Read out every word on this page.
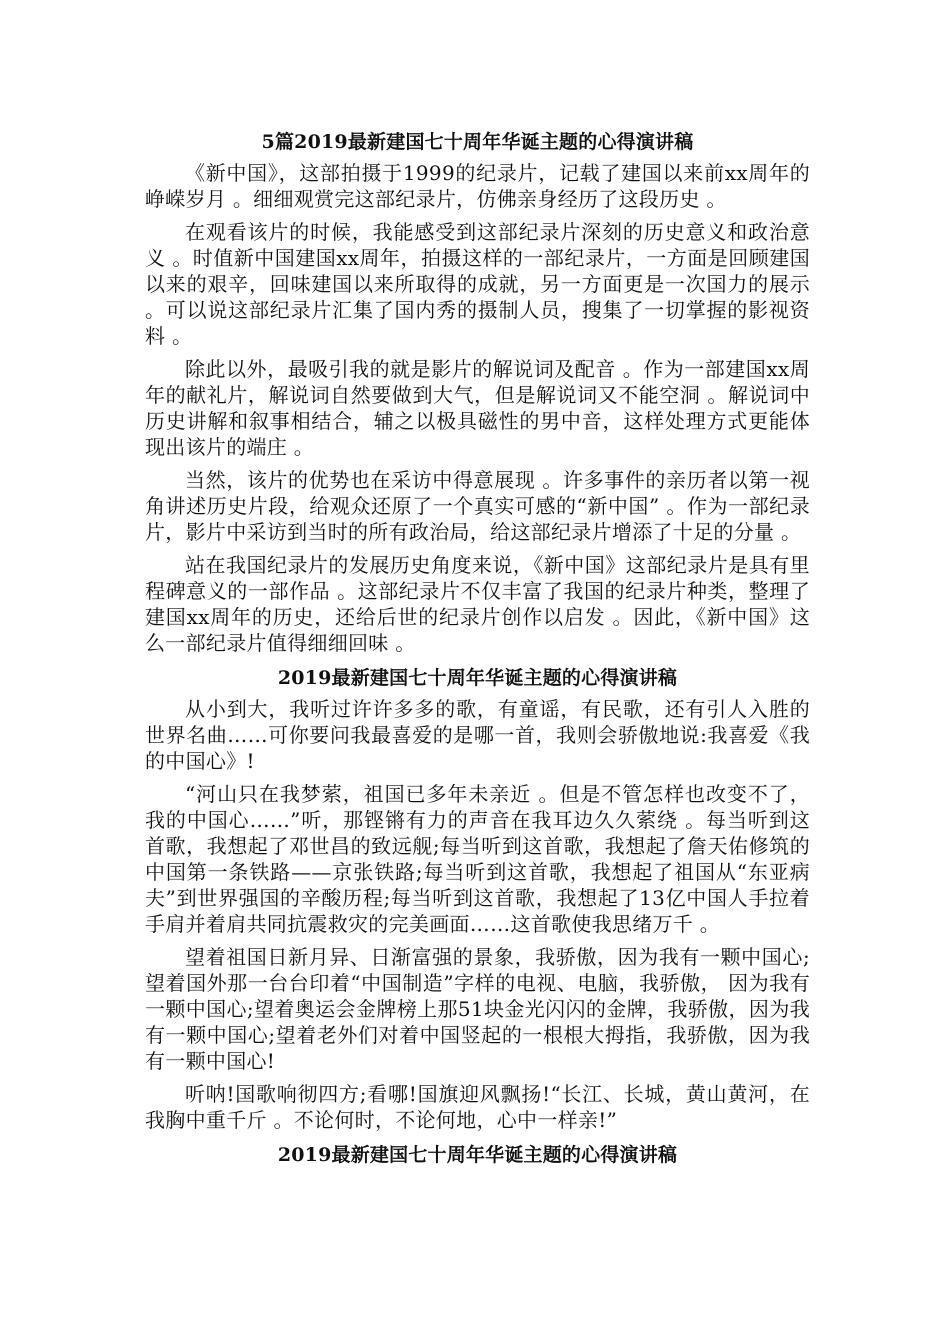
5篇2019最新建国七十周年华诞主题的心得演讲稿

《新中国》，这部拍摄于1999的纪录片，记载了建国以来前xx周年的峥嵘岁月 。细细观赏完这部纪录片，仿佛亲身经历了这段历史 。

在观看该片的时候，我能感受到这部纪录片深刻的历史意义和政治意义 。时值新中国建国xx周年，拍摄这样的一部纪录片，一方面是回顾建国以来的艰辛，回味建国以来所取得的成就，另一方面更是一次国力的展示 。可以说这部纪录片汇集了国内秀的摄制人员，搜集了一切掌握的影视资料 。

除此以外，最吸引我的就是影片的解说词及配音 。作为一部建国xx周年的献礼片，解说词自然要做到大气，但是解说词又不能空洞 。解说词中历史讲解和叙事相结合，辅之以极具磁性的男中音，这样处理方式更能体现出该片的端庄 。

当然，该片的优势也在采访中得意展现 。许多事件的亲历者以第一视角讲述历史片段，给观众还原了一个真实可感的“新中国” 。作为一部纪录片，影片中采访到当时的所有政治局，给这部纪录片增添了十足的分量 。

站在我国纪录片的发展历史角度来说，《新中国》这部纪录片是具有里程碑意义的一部作品 。这部纪录片不仅丰富了我国的纪录片种类，整理了建国xx周年的历史，还给后世的纪录片创作以启发 。因此，《新中国》这么一部纪录片值得细细回味 。

2019最新建国七十周年华诞主题的心得演讲稿

从小到大，我听过许许多多的歌，有童谣，有民歌，还有引人入胜的世界名曲……可你要问我最喜爱的是哪一首，我则会骄傲地说:我喜爱《我的中国心》!

“河山只在我梦萦，祖国已多年未亲近 。但是不管怎样也改变不了，我的中国心……”听，那铿锵有力的声音在我耳边久久萦绕 。每当听到这首歌，我想起了邓世昌的致远舰;每当听到这首歌，我想起了詹天佑修筑的中国第一条铁路——京张铁路;每当听到这首歌，我想起了祖国从“东亚病夫”到世界强国的辛酸历程;每当听到这首歌，我想起了13亿中国人手拉着手肩并着肩共同抗震救灾的完美画面……这首歌使我思绪万千 。

望着祖国日新月异、日渐富强的景象，我骄傲，因为我有一颗中国心;望着国外那一台台印着“中国制造”字样的电视、电脑，我骄傲， 因为我有一颗中国心;望着奥运会金牌榜上那51块金光闪闪的金牌，我骄傲，因为我有一颗中国心;望着老外们对着中国竖起的一根根大拇指，我骄傲，因为我有一颗中国心!

听呐!国歌响彻四方;看哪!国旗迎风飘扬!“长江、长城，黄山黄河，在我胸中重千斤 。不论何时，不论何地，心中一样亲!”

2019最新建国七十周年华诞主题的心得演讲稿
